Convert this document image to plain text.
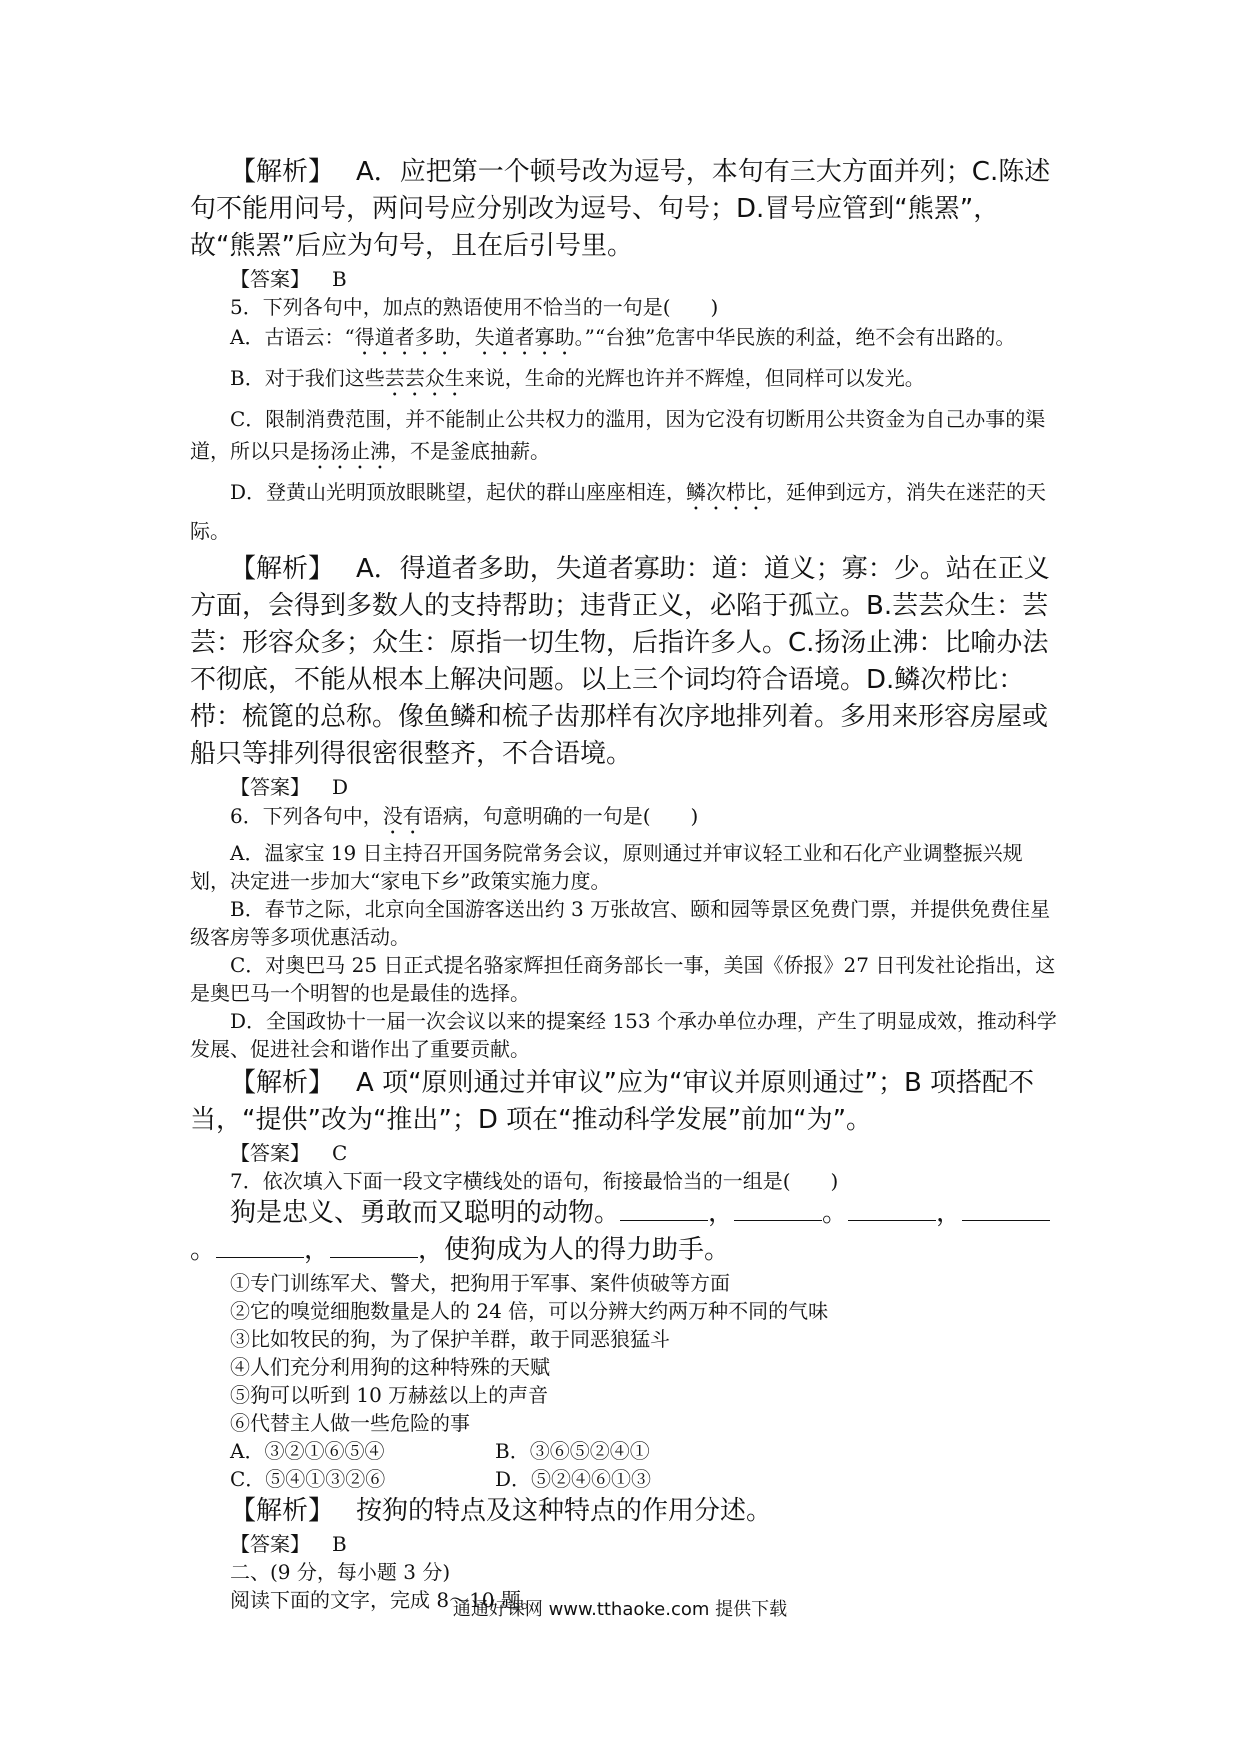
【解析】 A．应把第一个顿号改为逗号，本句有三大方面并列；C.陈述句不能用问号，两问号应分别改为逗号、句号；D.冒号应管到“熊罴”，故“熊罴”后应为句号，且在后引号里。

【答案】 B

5．下列各句中，加点的熟语使用不恰当的一句是(　　)

A．古语云：“得道者多助，失道者寡助。”“台独”危害中华民族的利益，绝不会有出路的。

B．对于我们这些芸芸众生来说，生命的光辉也许并不辉煌，但同样可以发光。

C．限制消费范围，并不能制止公共权力的滥用，因为它没有切断用公共资金为自己办事的渠道，所以只是扬汤止沸，不是釜底抽薪。

D．登黄山光明顶放眼眺望，起伏的群山座座相连，鳞次栉比，延伸到远方，消失在迷茫的天际。

【解析】 A．得道者多助，失道者寡助：道：道义；寡：少。站在正义方面，会得到多数人的支持帮助；违背正义，必陷于孤立。B.芸芸众生：芸芸：形容众多；众生：原指一切生物，后指许多人。C.扬汤止沸：比喻办法不彻底，不能从根本上解决问题。以上三个词均符合语境。D.鳞次栉比：栉：梳篦的总称。像鱼鳞和梳子齿那样有次序地排列着。多用来形容房屋或船只等排列得很密很整齐，不合语境。

【答案】 D

6．下列各句中，没有语病，句意明确的一句是(　　)

A．温家宝 19 日主持召开国务院常务会议，原则通过并审议轻工业和石化产业调整振兴规划，决定进一步加大“家电下乡”政策实施力度。

B．春节之际，北京向全国游客送出约 3 万张故宫、颐和园等景区免费门票，并提供免费住星级客房等多项优惠活动。

C．对奥巴马 25 日正式提名骆家辉担任商务部长一事，美国《侨报》27 日刊发社论指出，这是奥巴马一个明智的也是最佳的选择。

D．全国政协十一届一次会议以来的提案经 153 个承办单位办理，产生了明显成效，推动科学发展、促进社会和谐作出了重要贡献。

【解析】 A 项“原则通过并审议”应为“审议并原则通过”；B 项搭配不当，“提供”改为“推出”；D 项在“推动科学发展”前加“为”。

【答案】 C

7．依次填入下面一段文字横线处的语句，衔接最恰当的一组是(　　)

狗是忠义、勇敢而又聪明的动物。	，	。	，。	，	，使狗成为人的得力助手。

①专门训练军犬、警犬，把狗用于军事、案件侦破等方面

②它的嗅觉细胞数量是人的 24 倍，可以分辨大约两万种不同的气味

③比如牧民的狗，为了保护羊群，敢于同恶狼猛斗

④人们充分利用狗的这种特殊的天赋

⑤狗可以听到 10 万赫兹以上的声音

⑥代替主人做一些危险的事

A．③②①⑥⑤④	B．③⑥⑤②④①
C．⑤④①③②⑥	D．⑤②④⑥①③

【解析】 按狗的特点及这种特点的作用分述。

【答案】 B

二、(9 分，每小题 3 分)

阅读下面的文字，完成 8～10 题。

通通好课网 www.tthaoke.com 提供下载
